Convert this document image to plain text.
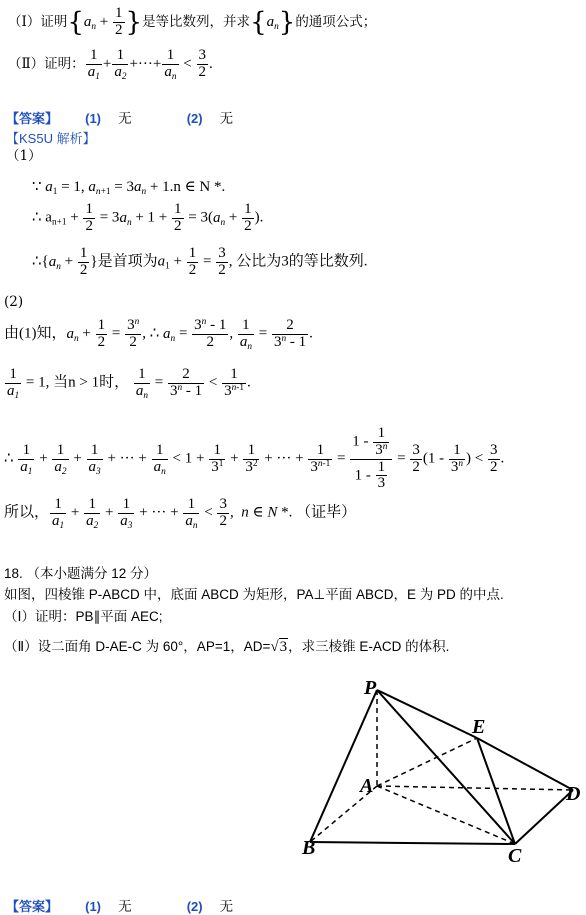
（Ⅰ）证明{$a_n + \frac{1}{2}$ }是等比数列，并求$\{a_n\}$的通项公式；
（Ⅱ）证明： $\frac{1}{a_1} + \frac{1}{a_2}$ +···+ $\frac{1}{a_n} < \frac{3}{2}$ .
【答案】 (1) 无	(2) 无
【KS5U 解析】
（1）
∵ $a_1 = 1$, $a_{n+1} = 3a_n + 1.n$ ∈ N *.
∴ $a_{n+1} + \frac{1}{2} = 3a_n + 1 + \frac{1}{2} = 3(a_n + \frac{1}{2}$ ).
$\therefore\{a_n + \frac{1}{2}$ }是首项为$a_1 + \frac{1}{2} = \frac{3}{2}$ , 公比为3的等比数列.
(2)
由(1)知，$a_n + \frac{1}{2} = \frac{3^n}{2}$ , ∴ $a_n = \frac{3^n - 1}{2}$ , $\frac{1}{a_n} = \frac{2}{3^n - 1}$ .
$\frac{1}{a_1} = 1$, 当n > 1时， $\frac{1}{a_n} = \frac{2}{3^n - 1} < \frac{1}{3^{n-1}}$ .
∴ $\frac{1}{a_1} + \frac{1}{a_2} + \frac{1}{a_3}$ + ··· + $\frac{1}{a_n} < 1 + \frac{1}{3^1} + \frac{1}{3^2}$ + ··· + $\frac{1}{3^{n-1}} = \frac{1 - \frac{1}{3^n}}{1 - \frac{1}{3}} = \frac{3}{2} (1 - \frac{1}{3^n}$ ) < $\frac{3}{2}$ .
所以， $\frac{1}{a_1} + \frac{1}{a_2} + \frac{1}{a_3}$ + ··· + $\frac{1}{a_n} < \frac{3}{2}$ ,  n ∈ N *. （证毕）
18. （本小题满分 12 分）
如图，四棱锥 P-ABCD 中，底面 ABCD 为矩形，PA⊥平面 ABCD，E 为 PD 的中点.
（Ⅰ）证明：PB∥平面 AEC;
（Ⅱ）设二面角 D-AE-C 为 60°，AP=1，AD=√3，求三棱锥 E-ACD 的体积.
P
E
A	D
B	C
【答案】 (1) 无	(2) 无
